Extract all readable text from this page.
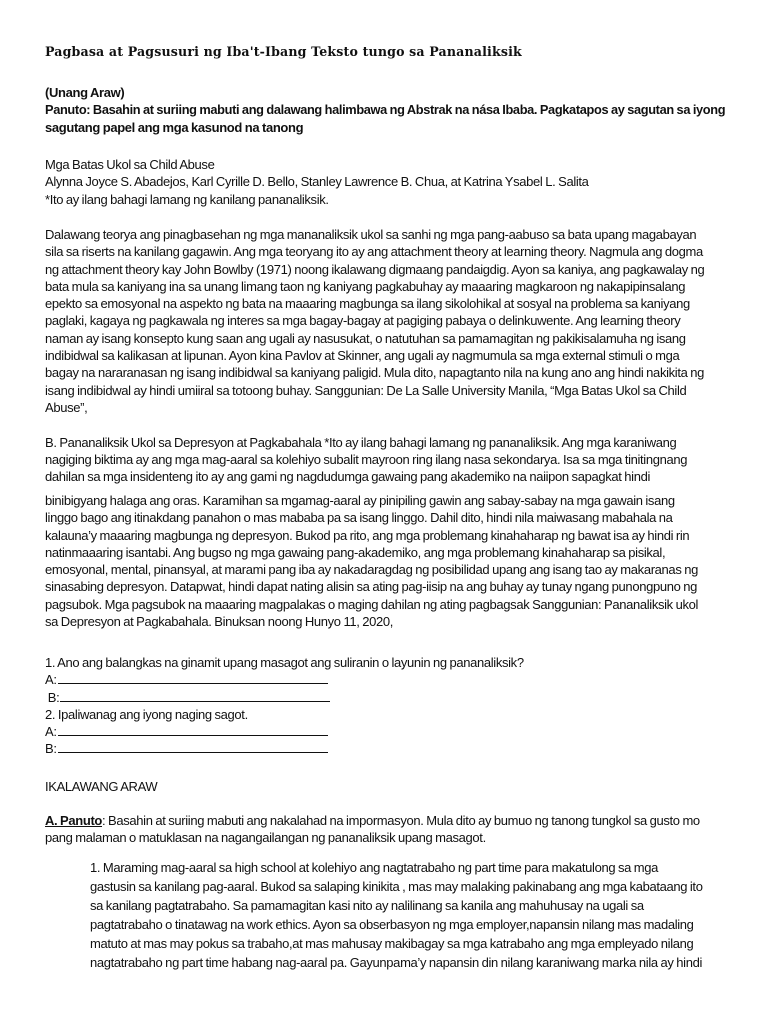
Pagbasa at Pagsusuri ng Iba't-Ibang Teksto tungo sa Pananaliksik
(Unang Araw)
Panuto: Basahin at suriing mabuti ang dalawang halimbawa ng Abstrak na nása Ibaba. Pagkatapos ay sagutan sa iyong
sagutang papel ang mga kasunod na tanong
Mga Batas Ukol sa Child Abuse
Alynna Joyce S. Abadejos, Karl Cyrille D. Bello, Stanley Lawrence B. Chua, at Katrina Ysabel L. Salita
*Ito ay ilang bahagi lamang ng kanilang pananaliksik.
Dalawang teorya ang pinagbasehan ng mga mananaliksik ukol sa sanhi ng mga pang-aabuso sa bata upang magabayan
sila sa riserts na kanilang gagawin. Ang mga teoryang ito ay ang attachment theory at learning theory. Nagmula ang dogma
ng attachment theory kay John Bowlby (1971) noong ikalawang digmaang pandaigdig. Ayon sa kaniya, ang pagkawalay ng
bata mula sa kaniyang ina sa unang limang taon ng kaniyang pagkabuhay ay maaaring magkaroon ng nakapipinsalang
epekto sa emosyonal na aspekto ng bata na maaaring magbunga sa ilang sikolohikal at sosyal na problema sa kaniyang
paglaki, kagaya ng pagkawala ng interes sa mga bagay-bagay at pagiging pabaya o delinkuwente. Ang learning theory
naman ay isang konsepto kung saan ang ugali ay nasusukat, o natutuhan sa pamamagitan ng pakikisalamuha ng isang
indibidwal sa kalikasan at lipunan. Ayon kina Pavlov at Skinner, ang ugali ay nagmumula sa mga external stimuli o mga
bagay na nararanasan ng isang indibidwal sa kaniyang paligid. Mula dito, napagtanto nila na kung ano ang hindi nakikita ng
isang indibidwal ay hindi umiiral sa totoong buhay. Sanggunian: De La Salle University Manila, “Mga Batas Ukol sa Child
Abuse”,

B. Pananaliksik Ukol sa Depresyon at Pagkabahala *Ito ay ilang bahagi lamang ng pananaliksik. Ang mga karaniwang
nagiging biktima ay ang mga mag-aaral sa kolehiyo subalit mayroon ring ilang nasa sekondarya. Isa sa mga tinitingnang
dahilan sa mga insidenteng ito ay ang gami ng nagdudumga gawaing pang akademiko na naiipon sapagkat hindi
binibigyang halaga ang oras. Karamihan sa mgamag-aaral ay pinipiling gawin ang sabay-sabay na mga gawain isang
linggo bago ang itinakdang panahon o mas mababa pa sa isang linggo. Dahil dito, hindi nila maiwasang mabahala na
kalauna’y maaaring magbunga ng depresyon. Bukod pa rito, ang mga problemang kinahaharap ng bawat isa ay hindi rin
natinmaaaring isantabi. Ang bugso ng mga gawaing pang-akademiko, ang mga problemang kinahaharap sa pisikal,
emosyonal, mental, pinansyal, at marami pang iba ay nakadaragdag ng posibilidad upang ang isang tao ay makaranas ng
sinasabing depresyon. Datapwat, hindi dapat nating alisin sa ating pag-iisip na ang buhay ay tunay ngang punongpuno ng
pagsubok. Mga pagsubok na maaaring magpalakas o maging dahilan ng ating pagbagsak Sanggunian: Pananaliksik ukol
sa Depresyon at Pagkabahala. Binuksan noong Hunyo 11, 2020,

1. Ano ang balangkas na ginamit upang masagot ang suliranin o layunin ng pananaliksik?
A:
B:
2. Ipaliwanag ang iyong naging sagot.
A:
B:
IKALAWANG ARAW
A. Panuto: Basahin at suriing mabuti ang nakalahad na impormasyon. Mula dito ay bumuo ng tanong tungkol sa gusto mo
pang malaman o matuklasan na nagangailangan ng pananaliksik upang masagot.
1. Maraming mag-aaral sa high school at kolehiyo ang nagtatrabaho ng part time para makatulong sa mga
gastusin sa kanilang pag-aaral. Bukod sa salaping kinikita , mas may malaking pakinabang ang mga kabataang ito
sa kanilang pagtatrabaho. Sa pamamagitan kasi nito ay nalilinang sa kanila ang mahuhusay na ugali sa
pagtatrabaho o tinatawag na work ethics. Ayon sa obserbasyon ng mga employer,napansin nilang mas madaling
matuto at mas may pokus sa trabaho,at mas mahusay makibagay sa mga katrabaho ang mga empleyado nilang
nagtatrabaho ng part time habang nag-aaral pa. Gayunpama’y napansin din nilang karaniwang marka nila ay hindi
